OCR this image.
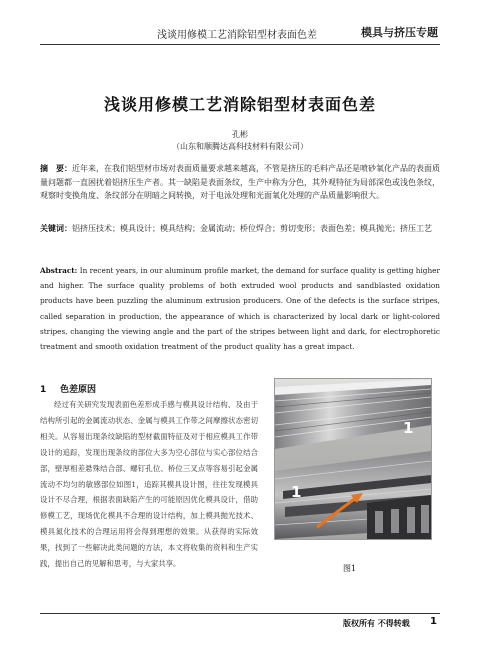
浅谈用修模工艺消除铝型材表面色差	模具与挤压专题
浅谈用修模工艺消除铝型材表面色差
孔彬
（山东和顺腾达高科技材料有限公司）

摘　要：近年来，在我们铝型材市场对表面质量要求越来越高，不管是挤压的毛料产品还是喷砂氧化产品的表面质量问题都一直困扰着铝挤压生产者。其一缺陷是表面条纹，生产中称为分色，其外观特征为局部深色或浅色条纹，观察时变换角度、条纹部分在明暗之间转换，对于电泳处理和光面氧化处理的产品质量影响很大。

关键词：铝挤压技术；模具设计；模具结构；金属流动；桥位焊合；剪切变形；表面色差；模具抛光；挤压工艺

Abstract: In recent years, in our aluminum profile market, the demand for surface quality is getting higher and higher. The surface quality problems of both extruded wool products and sandblasted oxidation products have been puzzling the aluminum extrusion producers. One of the defects is the surface stripes, called separation in production, the appearance of which is characterized by local dark or light-colored stripes, changing the viewing angle and the part of the stripes between light and dark, for electrophoretic treatment and smooth oxidation treatment of the product quality has a great impact.

1 色差原因

经过有关研究发现表面色差形成手感与模具设计结构、及由于结构所引起的金属流动状态、金属与模具工作带之间摩擦状态密切相关。从容易出现条纹缺陷的型材截面特征及对于相应模具工作带设计的追踪，发现出现条纹的部位大多为空心部位与实心部位结合部，壁厚相差悬殊结合部、螺钉孔位、桥位三叉点等容易引起金属流动不均匀的敏感部位如图1，追踪其模具设计图，往往发现模具设计不尽合理，根据表面缺陷产生的可能原因优化模具设计，借助修模工艺，现场优化模具不合理的设计结构，加上模具抛光技术、模具氮化技术的合理运用将会得到理想的效果。从获得的实际效果，找到了一些解决此类问题的方法，本文将收集的资料和生产实践，提出自己的见解和思考，与大家共享。

1
1
图1
版权所有 不得转载 1
